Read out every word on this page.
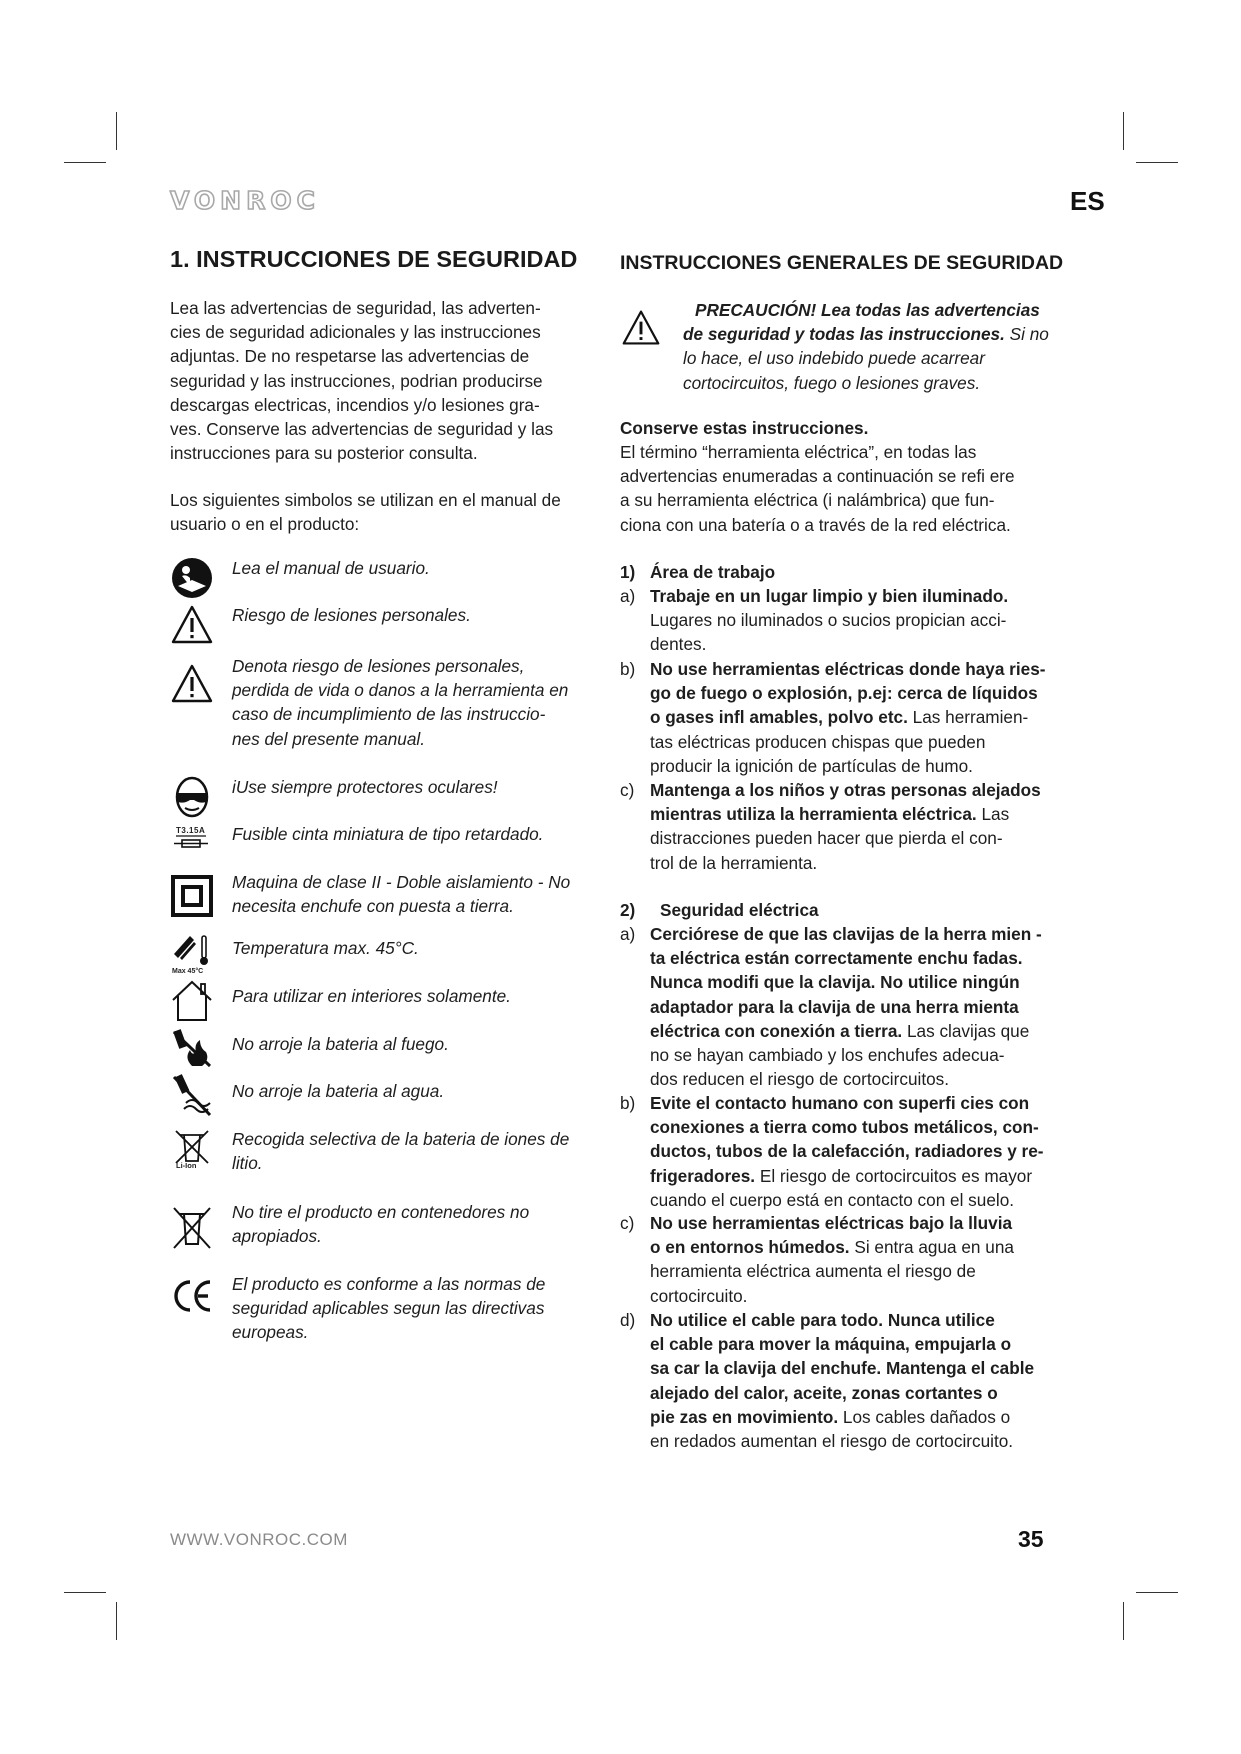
VONROC	ES
1. INSTRUCCIONES DE SEGURIDAD

Lea las advertencias de seguridad, las adverten-
cies de seguridad adicionales y las instrucciones
adjuntas. De no respetarse las advertencias de
seguridad y las instrucciones, podrian producirse
descargas electricas, incendios y/o lesiones gra-
ves. Conserve las advertencias de seguridad y las
instrucciones para su posterior consulta.

Los siguientes simbolos se utilizan en el manual de
usuario o en el producto:

Lea el manual de usuario.

Riesgo de lesiones personales.

Denota riesgo de lesiones personales,
perdida de vida o danos a la herramienta en
caso de incumplimiento de las instruccio-
nes del presente manual.

iUse siempre protectores oculares!

T3.15A Fusible cinta miniatura de tipo retardado.

Maquina de clase II - Doble aislamiento - No
necesita enchufe con puesta a tierra.

Max 45°C

Temperatura max. 45°C.

Para utilizar en interiores solamente.

No arroje la bateria al fuego.

No arroje la bateria al agua.

Li-Ion

Recogida selectiva de la bateria de iones de
litio.

No tire el producto en contenedores no
apropiados.

El producto es conforme a las normas de
seguridad aplicables segun las directivas
europeas.

INSTRUCCIONES GENERALES DE SEGURIDAD

PRECAUCIÓN! Lea todas las advertencias de seguridad y todas las instrucciones. Si no lo hace, el uso indebido puede acarrear cortocircuitos, fuego o lesiones graves.

Conserve estas instrucciones.

El término “herramienta eléctrica”, en todas las
advertencias enumeradas a continuación se refi ere
a su herramienta eléctrica (i nalámbrica) que fun-
ciona con una batería o a través de la red eléctrica.

1) Área de trabajo
a) Trabaje en un lugar limpio y bien iluminado.
Lugares no iluminados o sucios propician acci-
dentes.
b) No use herramientas eléctricas donde haya ries-
go de fuego o explosión, p.ej: cerca de líquidos
o gases infl amables, polvo etc. Las herramien-
tas eléctricas producen chispas que pueden
producir la ignición de partículas de humo.
c) Mantenga a los niños y otras personas alejados
mientras utiliza la herramienta eléctrica. Las
distracciones pueden hacer que pierda el con-
trol de la herramienta.
2) Seguridad eléctrica
a) Cerciórese de que las clavijas de la herra mien -
ta eléctrica están correctamente enchu fadas.
Nunca modifi que la clavija. No utilice ningún
adaptador para la clavija de una herra mienta
eléctrica con conexión a tierra. Las clavijas que
no se hayan cambiado y los enchufes adecua-
dos reducen el riesgo de cortocircuitos.
b) Evite el contacto humano con superfi cies con
conexiones a tierra como tubos metálicos, con-
ductos, tubos de la calefacción, radiadores y re-
frigeradores. El riesgo de cortocircuitos es mayor
cuando el cuerpo está en contacto con el suelo.
c) No use herramientas eléctricas bajo la lluvia
o en entornos húmedos. Si entra agua en una
herramienta eléctrica aumenta el riesgo de
cortocircuito.
d) No utilice el cable para todo. Nunca utilice
el cable para mover la máquina, empujarla o
sa car la clavija del enchufe. Mantenga el cable
alejado del calor, aceite, zonas cortantes o
pie zas en movimiento. Los cables dañados o
en redados aumentan el riesgo de cortocircuito.
WWW.VONROC.COM	35
